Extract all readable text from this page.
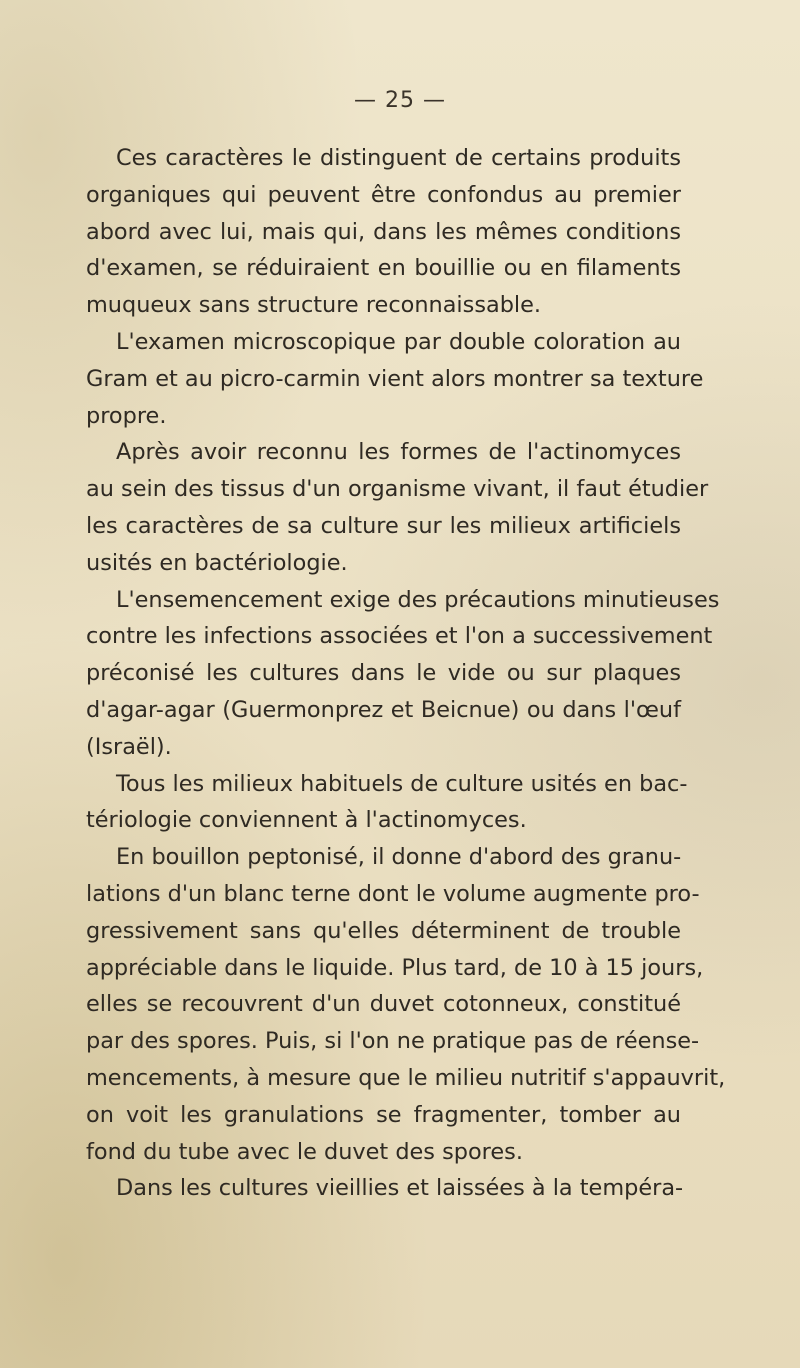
— 25 —

Ces caractères le distinguent de certains produits
organiques qui peuvent être confondus au premier
abord avec lui, mais qui, dans les mêmes conditions
d'examen, se réduiraient en bouillie ou en filaments
muqueux sans structure reconnaissable.

L'examen microscopique par double coloration au
Gram et au picro-carmin vient alors montrer sa texture
propre.

Après avoir reconnu les formes de l'actinomyces
au sein des tissus d'un organisme vivant, il faut étudier
les caractères de sa culture sur les milieux artificiels
usités en bactériologie.

L'ensemencement exige des précautions minutieuses
contre les infections associées et l'on a successivement
préconisé les cultures dans le vide ou sur plaques
d'agar-agar (Guermonprez et Beicnue) ou dans l'œuf
(Israël).

Tous les milieux habituels de culture usités en bac-
tériologie conviennent à l'actinomyces.

En bouillon peptonisé, il donne d'abord des granu-
lations d'un blanc terne dont le volume augmente pro-
gressivement sans qu'elles déterminent de trouble
appréciable dans le liquide. Plus tard, de 10 à 15 jours,
elles se recouvrent d'un duvet cotonneux, constitué
par des spores. Puis, si l'on ne pratique pas de réense-
mencements, à mesure que le milieu nutritif s'appauvrit,
on voit les granulations se fragmenter, tomber au
fond du tube avec le duvet des spores.

Dans les cultures vieillies et laissées à la tempéra-
